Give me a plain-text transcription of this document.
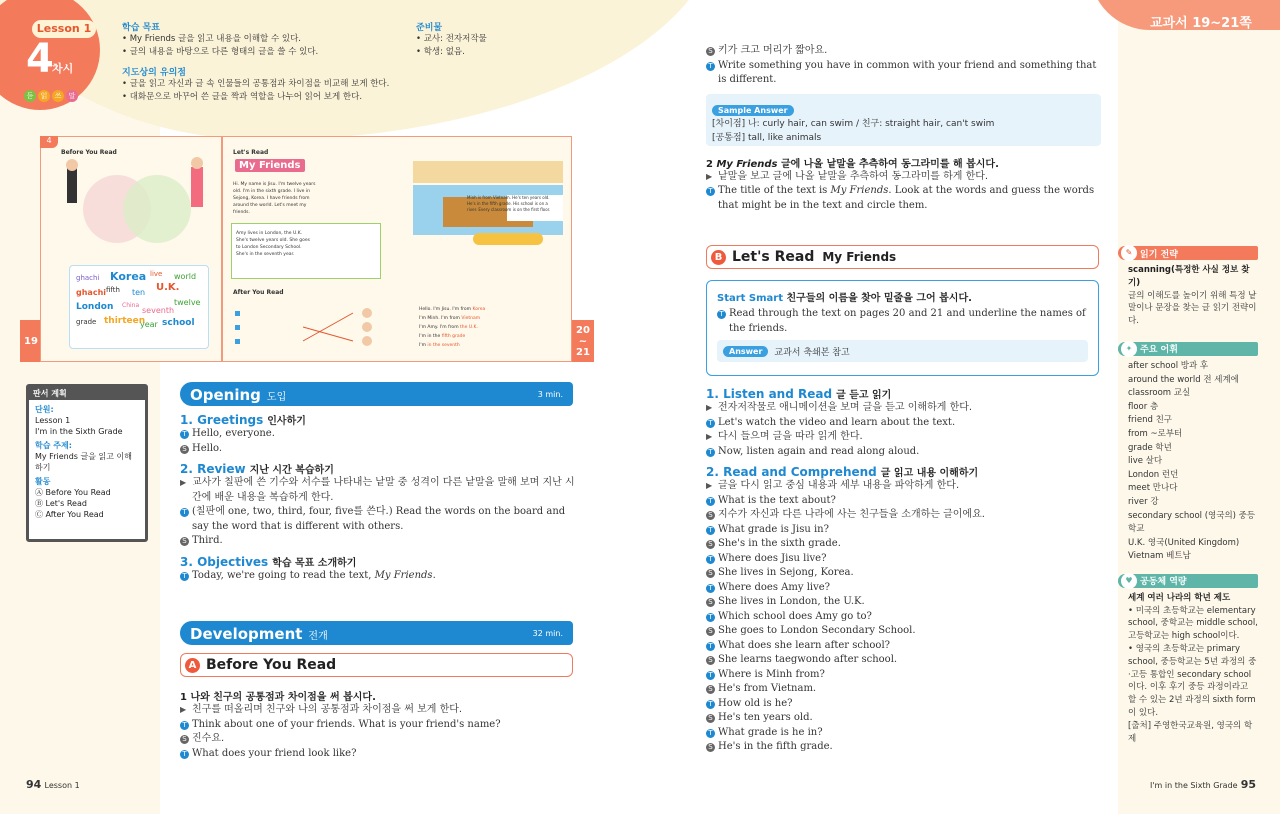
교과서 19~21쪽
Lesson 1
4
차시
듣	읽	쓰	말
학습 목표
• My Friends 글을 읽고 내용을 이해할 수 있다.
• 글의 내용을 바탕으로 다른 형태의 글을 쓸 수 있다.
지도상의 유의점
• 글을 읽고 자신과 글 속 인물들의 공통점과 차이점을 비교해 보게 한다.
• 대화문으로 바꾸어 쓴 글을 짝과 역할을 나누어 읽어 보게 한다.
준비물
• 교사: 전자저작물
• 학생: 없음.
19
20
~
21
4
Before You Read
ghachi Korea live world
ghachi fifth ten U.K.
London China
seventh
twelve
grade thirteen
year school
Let's Read
My Friends
Hi. My name is Jisu. I'm twelve years old. I'm in the sixth grade. I live in Sejong, Korea. I have friends from around the world. Let's meet my friends.
Amy lives in London, the U.K. She's twelve years old. She goes to London Secondary School. She's in the seventh year.
Minh is from Vietnam. He's ten years old. He's in the fifth grade. His school is on a river. Every classroom is on the first floor.
After You Read
Hello. I'm Jisu. I'm from Korea
I'm Minh. I'm from Vietnam
I'm Amy. I'm from the U.K.
I'm in the fifth grade
I'm in the seventh
판서 계획
단원:
Lesson 1
I'm in the Sixth Grade
학습 주제:
My Friends 글을 읽고 이해하기
활동
Ⓐ Before You Read
Ⓑ Let's Read
Ⓒ After You Read
Opening 도입	3 min.
1. Greetings 인사하기
T Hello, everyone.
S Hello.
2. Review 지난 시간 복습하기
▶ 교사가 칠판에 쓴 기수와 서수를 나타내는 낱말 중 성격이 다른 낱말을 말해 보며 지난 시간에 배운 내용을 복습하게 한다.
T (칠판에 one, two, third, four, five를 쓴다.) Read the words on the board and say the word that is different with others.
S Third.
3. Objectives 학습 목표 소개하기
T Today, we're going to read the text, My Friends.
Development 전개	32 min.
A Before You Read
1 나와 친구의 공통점과 차이점을 써 봅시다.
▶ 친구를 떠올리며 친구와 나의 공통점과 차이점을 써 보게 한다.
T Think about one of your friends. What is your friend's name?
S 진수요.
T What does your friend look like?
S 키가 크고 머리가 짧아요.
T Write something you have in common with your friend and something that is different.
Sample Answer
[차이점] 나: curly hair, can swim / 친구: straight hair, can't swim
[공통점] tall, like animals
2 My Friends 글에 나올 낱말을 추측하여 동그라미를 해 봅시다.
▶ 낱말을 보고 글에 나올 낱말을 추측하여 동그라미를 하게 한다.
T The title of the text is My Friends. Look at the words and guess the words that might be in the text and circle them.
B Let's Read My Friends
Start Smart 친구들의 이름을 찾아 밑줄을 그어 봅시다.
T Read through the text on pages 20 and 21 and underline the names of the friends.
Answer	교과서 축쇄본 참고
1. Listen and Read 글 듣고 읽기
▶ 전자저작물로 애니메이션을 보며 글을 듣고 이해하게 한다.
T Let's watch the video and learn about the text.
▶ 다시 들으며 글을 따라 읽게 한다.
T Now, listen again and read along aloud.
2. Read and Comprehend 글 읽고 내용 이해하기
▶ 글을 다시 읽고 중심 내용과 세부 내용을 파악하게 한다.
T What is the text about?
S 지수가 자신과 다른 나라에 사는 친구들을 소개하는 글이에요.
T What grade is Jisu in?
S She's in the sixth grade.
T Where does Jisu live?
S She lives in Sejong, Korea.
T Where does Amy live?
S She lives in London, the U.K.
T Which school does Amy go to?
S She goes to London Secondary School.
T What does she learn after school?
S She learns taegwondo after school.
T Where is Minh from?
S He's from Vietnam.
T How old is he?
S He's ten years old.
T What grade is he in?
S He's in the fifth grade.
✎ 읽기 전략
scanning(특정한 사실 정보 찾기)
글의 이해도를 높이기 위해 특정 낱말이나 문장을 찾는 글 읽기 전략이다.
✦ 주요 어휘
after school 방과 후
around the world 전 세계에
classroom 교실
floor 층
friend 친구
from ~로부터
grade 학년
live 살다
London 런던
meet 만나다
river 강
secondary school (영국의) 중등학교
U.K. 영국(United Kingdom)
Vietnam 베트남
♥ 공동체 역량
세계 여러 나라의 학년 제도
• 미국의 초등학교는 elementary school, 중학교는 middle school, 고등학교는 high school이다.
• 영국의 초등학교는 primary school, 중등학교는 5년 과정의 중·고등 통합인 secondary school이다. 이후 후기 중등 과정이라고 할 수 있는 2년 과정의 sixth form이 있다.
[출처] 주영한국교육원, 영국의 학제
94 Lesson 1	I'm in the Sixth Grade 95
